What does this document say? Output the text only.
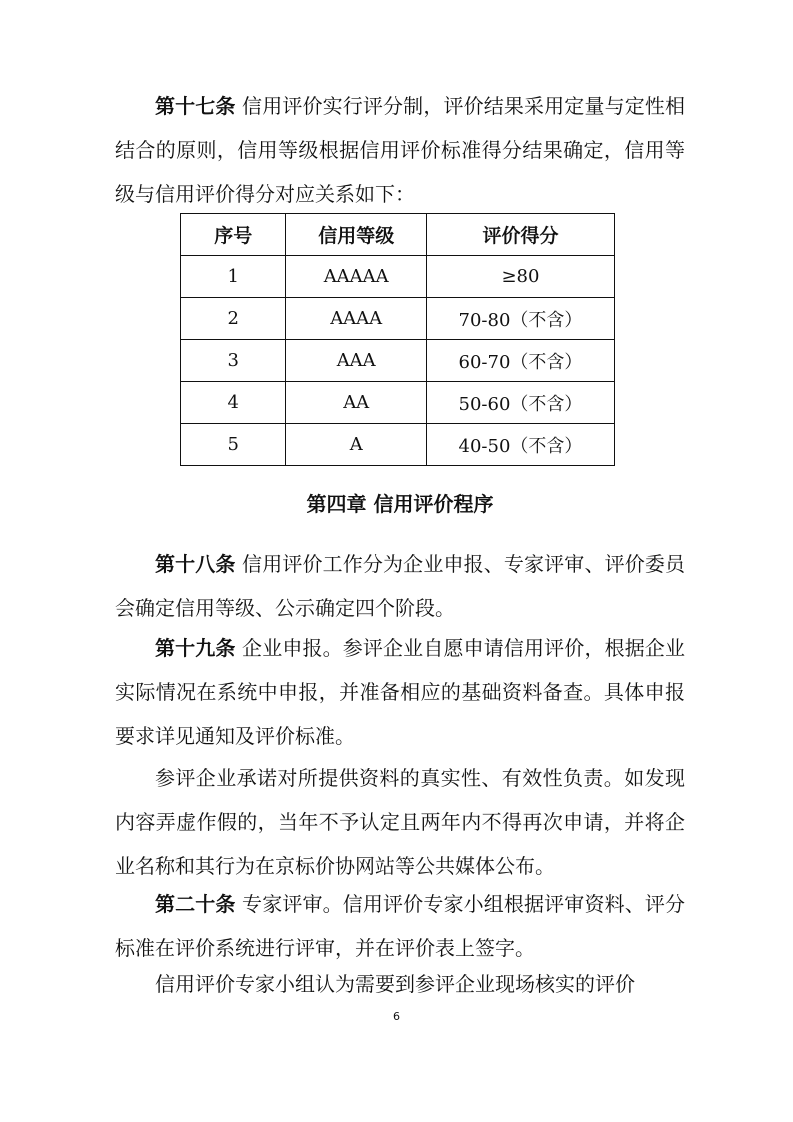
第十七条 信用评价实行评分制，评价结果采用定量与定性相结合的原则，信用等级根据信用评价标准得分结果确定，信用等级与信用评价得分对应关系如下：

序号	信用等级	评价得分
1	AAAAA	≥80
2	AAAA	70-80（不含）
3	AAA	60-70（不含）
4	AA	50-60（不含）
5	A	40-50（不含）

第四章 信用评价程序

第十八条 信用评价工作分为企业申报、专家评审、评价委员会确定信用等级、公示确定四个阶段。

第十九条 企业申报。参评企业自愿申请信用评价，根据企业实际情况在系统中申报，并准备相应的基础资料备查。具体申报要求详见通知及评价标准。

参评企业承诺对所提供资料的真实性、有效性负责。如发现内容弄虚作假的，当年不予认定且两年内不得再次申请，并将企业名称和其行为在京标价协网站等公共媒体公布。

第二十条 专家评审。信用评价专家小组根据评审资料、评分标准在评价系统进行评审，并在评价表上签字。

信用评价专家小组认为需要到参评企业现场核实的评价

6
